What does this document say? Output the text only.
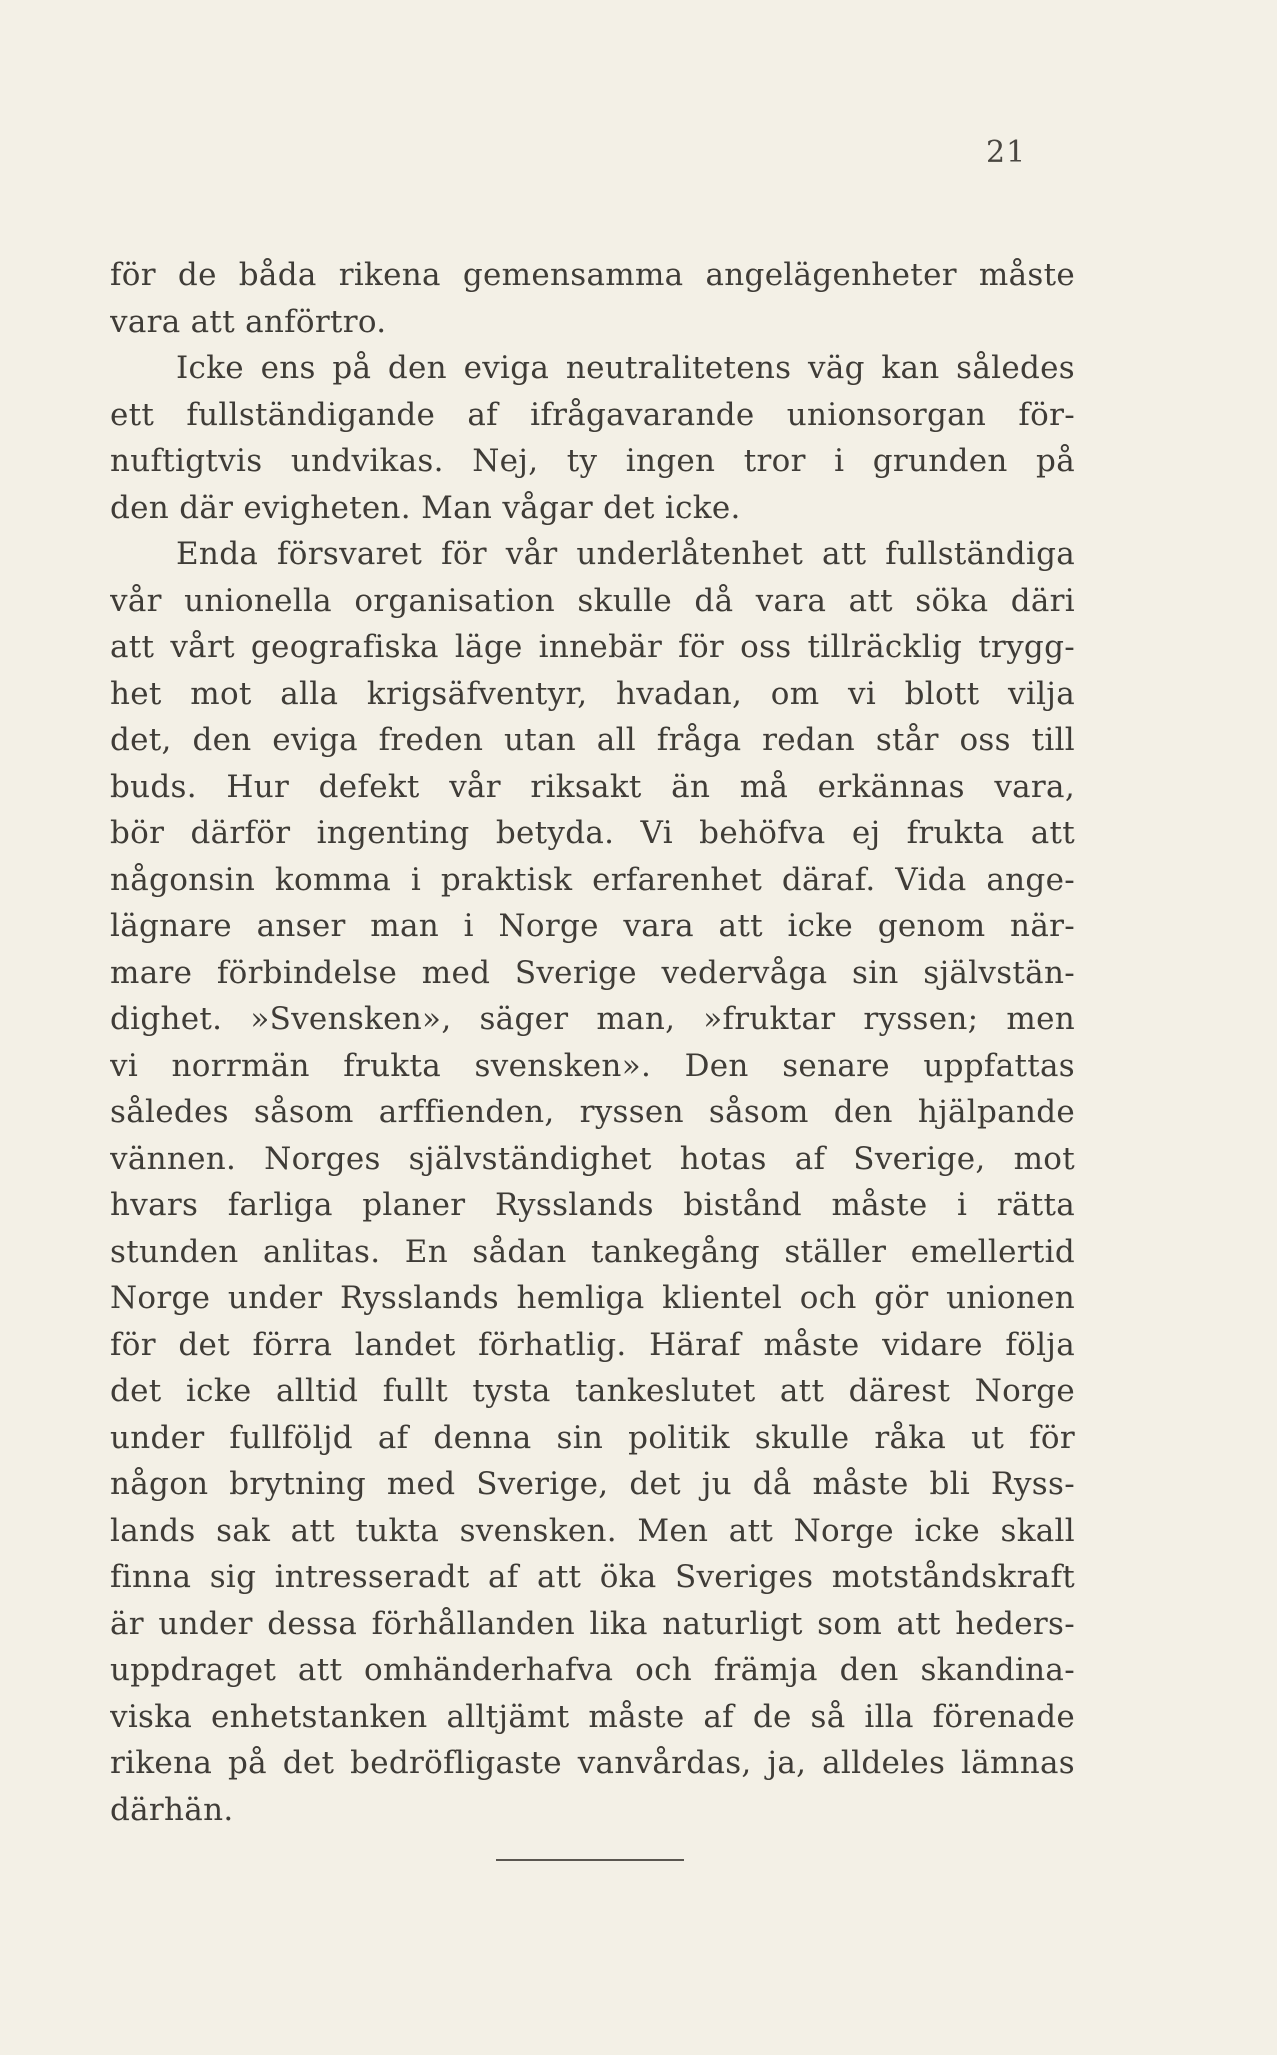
21
för de båda rikena gemensamma angelägenheter måste
vara att anförtro.
Icke ens på den eviga neutralitetens väg kan således
ett fullständigande af ifrågavarande unionsorgan för-
nuftigtvis undvikas. Nej, ty ingen tror i grunden på
den där evigheten. Man vågar det icke.
Enda försvaret för vår underlåtenhet att fullständiga
vår unionella organisation skulle då vara att söka däri
att vårt geografiska läge innebär för oss tillräcklig trygg-
het mot alla krigsäfventyr, hvadan, om vi blott vilja
det, den eviga freden utan all fråga redan står oss till
buds. Hur defekt vår riksakt än må erkännas vara,
bör därför ingenting betyda. Vi behöfva ej frukta att
någonsin komma i praktisk erfarenhet däraf. Vida ange-
lägnare anser man i Norge vara att icke genom när-
mare förbindelse med Sverige vedervåga sin självstän-
dighet. »Svensken», säger man, »fruktar ryssen; men
vi norrmän frukta svensken». Den senare uppfattas
således såsom arffienden, ryssen såsom den hjälpande
vännen. Norges självständighet hotas af Sverige, mot
hvars farliga planer Rysslands bistånd måste i rätta
stunden anlitas. En sådan tankegång ställer emellertid
Norge under Rysslands hemliga klientel och gör unionen
för det förra landet förhatlig. Häraf måste vidare följa
det icke alltid fullt tysta tankeslutet att därest Norge
under fullföljd af denna sin politik skulle råka ut för
någon brytning med Sverige, det ju då måste bli Ryss-
lands sak att tukta svensken. Men att Norge icke skall
finna sig intresseradt af att öka Sveriges motståndskraft
är under dessa förhållanden lika naturligt som att heders-
uppdraget att omhänderhafva och främja den skandina-
viska enhetstanken alltjämt måste af de så illa förenade
rikena på det bedröfligaste vanvårdas, ja, alldeles lämnas
därhän.
